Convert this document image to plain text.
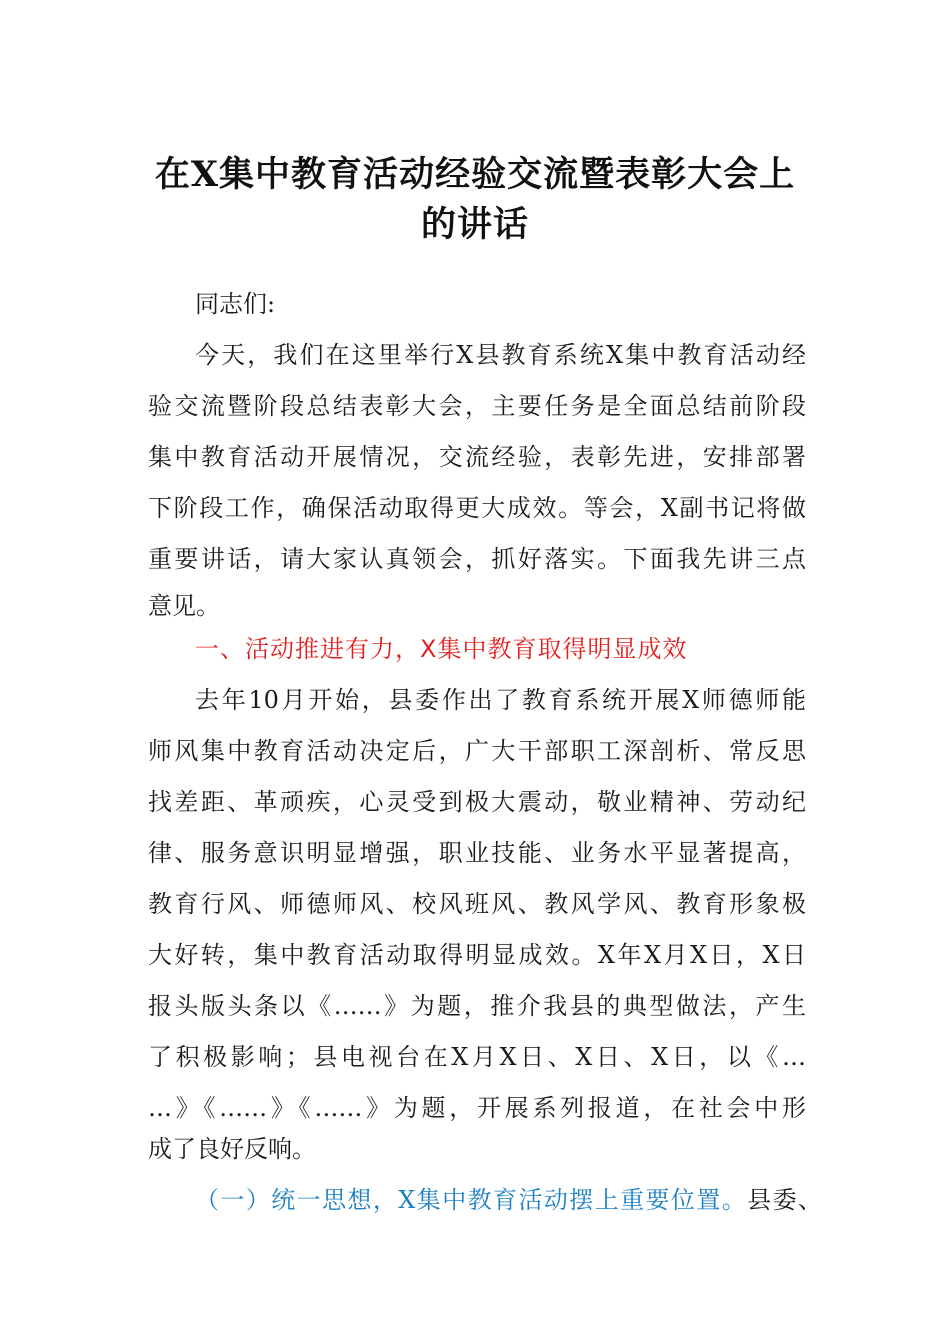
在X集中教育活动经验交流暨表彰大会上
的讲话
同志们:
今天，我们在这里举行X县教育系统X集中教育活动经
验交流暨阶段总结表彰大会，主要任务是全面总结前阶段
集中教育活动开展情况，交流经验，表彰先进，安排部署
下阶段工作，确保活动取得更大成效。等会，X副书记将做
重要讲话，请大家认真领会，抓好落实。下面我先讲三点
意见。
一、活动推进有力，X集中教育取得明显成效
去年10月开始，县委作出了教育系统开展X师德师能
师风集中教育活动决定后，广大干部职工深剖析、常反思
找差距、革顽疾，心灵受到极大震动，敬业精神、劳动纪
律、服务意识明显增强，职业技能、业务水平显著提高，
教育行风、师德师风、校风班风、教风学风、教育形象极
大好转，集中教育活动取得明显成效。X年X月X日，X日
报头版头条以《……》为题，推介我县的典型做法，产生
了积极影响；县电视台在X月X日、X日、X日，以《…
…》《……》《……》为题，开展系列报道，在社会中形
成了良好反响。
（一）统一思想，X集中教育活动摆上重要位置。县委、
